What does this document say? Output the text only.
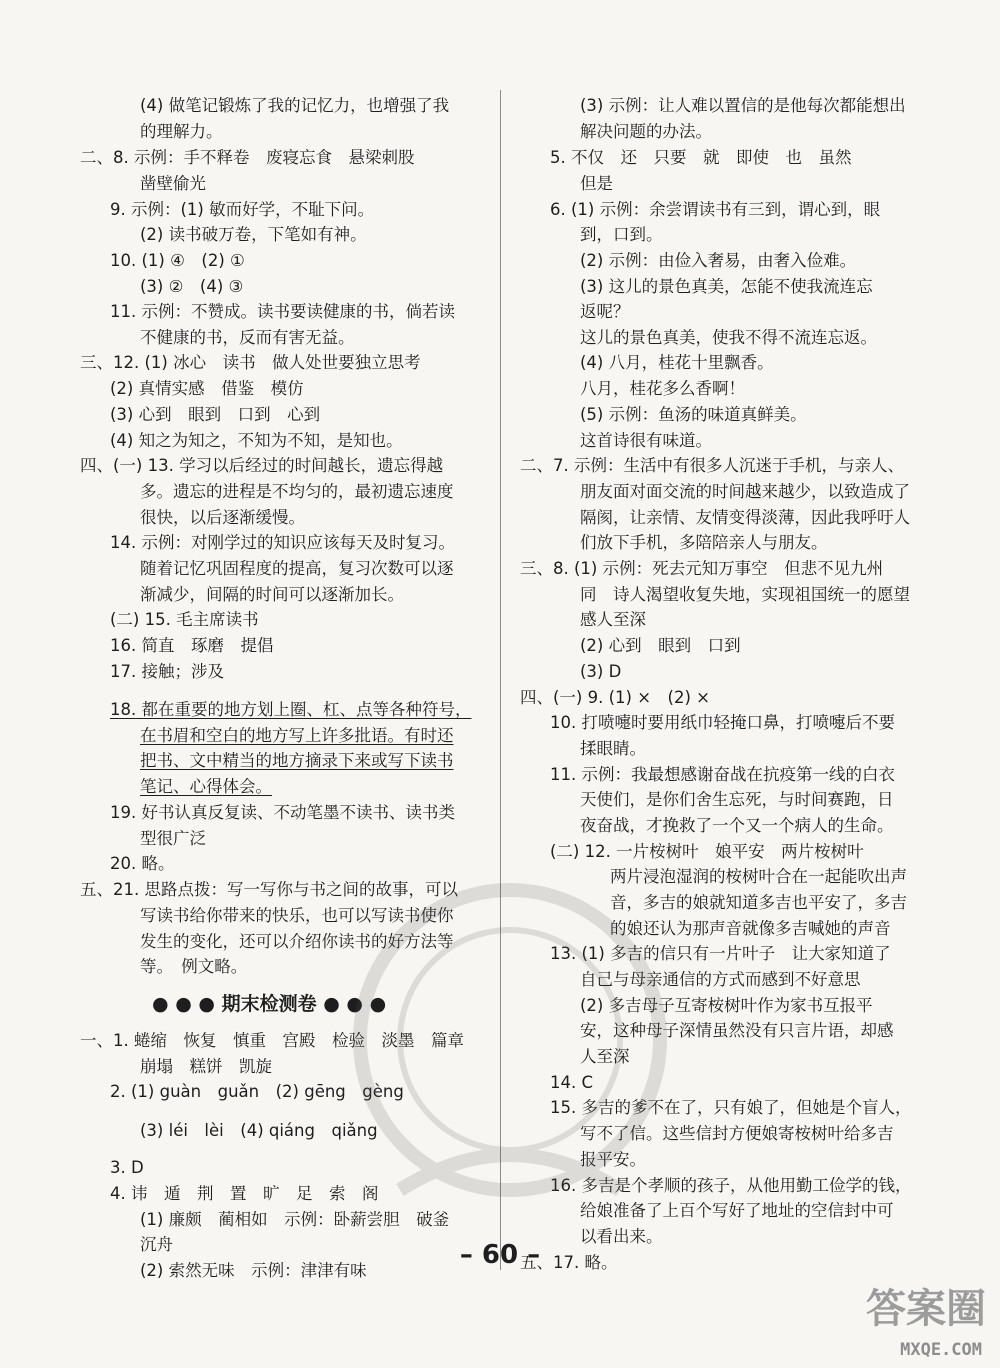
(4) 做笔记锻炼了我的记忆力，也增强了我
的理解力。
二、8. 示例：手不释卷　废寝忘食　悬梁刺股
凿壁偷光
9. 示例：(1) 敏而好学，不耻下问。
(2) 读书破万卷，下笔如有神。
10. (1) ④　(2) ①
(3) ②　(4) ③
11. 示例：不赞成。读书要读健康的书，倘若读
不健康的书，反而有害无益。
三、12. (1) 冰心　读书　做人处世要独立思考
(2) 真情实感　借鉴　模仿
(3) 心到　眼到　口到　心到
(4) 知之为知之，不知为不知，是知也。
四、(一) 13. 学习以后经过的时间越长，遗忘得越
多。遗忘的进程是不均匀的，最初遗忘速度
很快，以后逐渐缓慢。
14. 示例：对刚学过的知识应该每天及时复习。
随着记忆巩固程度的提高，复习次数可以逐
渐减少，间隔的时间可以逐渐加长。
(二) 15. 毛主席读书
16. 简直　琢磨　提倡
17. 接触；涉及
18. 都在重要的地方划上圈、杠、点等各种符号，
在书眉和空白的地方写上许多批语。有时还
把书、文中精当的地方摘录下来或写下读书
笔记、心得体会。
19. 好书认真反复读、不动笔墨不读书、读书类
型很广泛
20. 略。
五、21. 思路点拨：写一写你与书之间的故事，可以
写读书给你带来的快乐，也可以写读书使你
发生的变化，还可以介绍你读书的好方法等
等。　例文略。
● ● ● 期末检测卷 ● ● ●
一、1. 蜷缩　恢复　慎重　宫殿　检验　淡墨　篇章
崩塌　糕饼　凯旋
2. (1) guàn　guǎn　(2) gēng　gèng
(3) léi　lèi　(4) qiáng　qiǎng
3. D
4. 讳　遁　荆　置　旷　足　索　阁
(1) 廉颇　蔺相如　示例：卧薪尝胆　破釜
沉舟
(2) 索然无味　示例：津津有味
(3) 示例：让人难以置信的是他每次都能想出
解决问题的办法。
5. 不仅　还　只要　就　即使　也　虽然
但是
6. (1) 示例：余尝谓读书有三到，谓心到，眼
到，口到。
(2) 示例：由俭入奢易，由奢入俭难。
(3) 这儿的景色真美，怎能不使我流连忘
返呢？
这儿的景色真美，使我不得不流连忘返。
(4) 八月，桂花十里飘香。
八月，桂花多么香啊！
(5) 示例：鱼汤的味道真鲜美。
这首诗很有味道。
二、7. 示例：生活中有很多人沉迷于手机，与亲人、
朋友面对面交流的时间越来越少，以致造成了
隔阂，让亲情、友情变得淡薄，因此我呼吁人
们放下手机，多陪陪亲人与朋友。
三、8. (1) 示例：死去元知万事空　但悲不见九州
同　诗人渴望收复失地，实现祖国统一的愿望
感人至深
(2) 心到　眼到　口到
(3) D
四、(一) 9. (1) ×　(2) ×
10. 打喷嚏时要用纸巾轻掩口鼻，打喷嚏后不要
揉眼睛。
11. 示例：我最想感谢奋战在抗疫第一线的白衣
天使们，是你们舍生忘死，与时间赛跑，日
夜奋战，才挽救了一个又一个病人的生命。
(二) 12. 一片桉树叶　娘平安　两片桉树叶
两片浸泡湿润的桉树叶合在一起能吹出声
音，多吉的娘就知道多吉也平安了，多吉
的娘还认为那声音就像多吉喊她的声音
13. (1) 多吉的信只有一片叶子　让大家知道了
自己与母亲通信的方式而感到不好意思
(2) 多吉母子互寄桉树叶作为家书互报平
安，这种母子深情虽然没有只言片语，却感
人至深
14. C
15. 多吉的爹不在了，只有娘了，但她是个盲人，
写不了信。这些信封方便娘寄桉树叶给多吉
报平安。
16. 多吉是个孝顺的孩子，从他用勤工俭学的钱，
给娘准备了上百个写好了地址的空信封中可
以看出来。
五、17. 略。
– 60 –
答案圈
MXQE.COM
